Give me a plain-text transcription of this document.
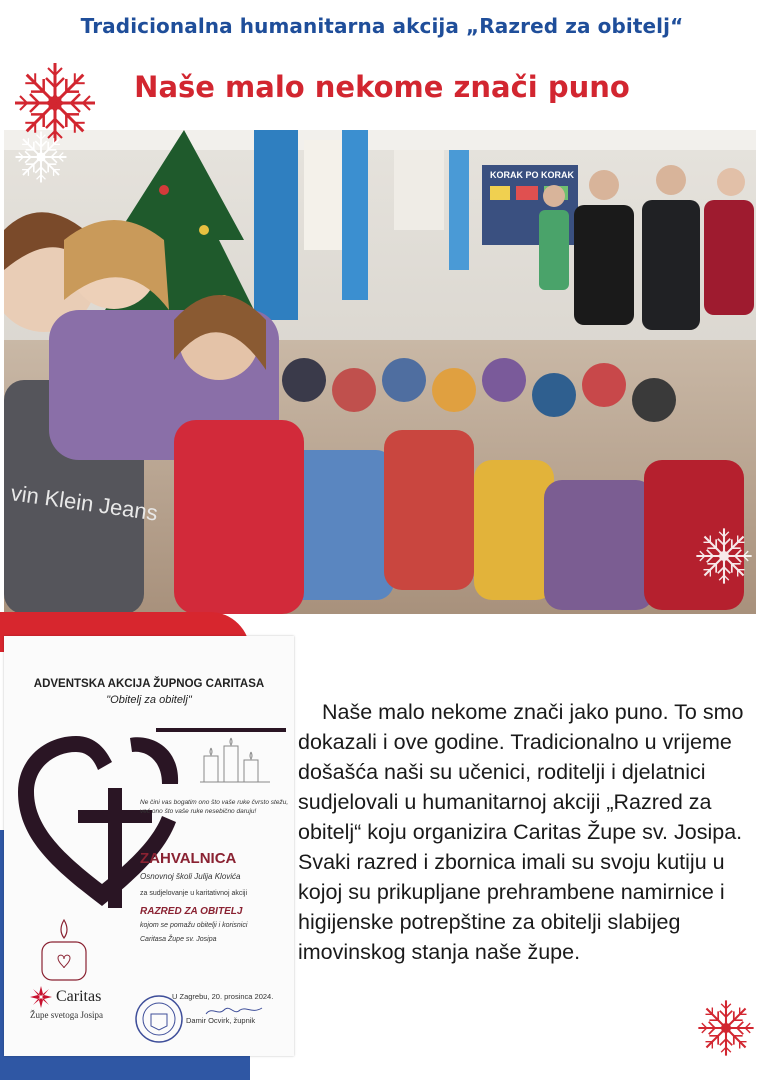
Tradicionalna humanitarna akcija „Razred za obitelj“
Naše malo nekome znači puno
KORAK PO KORAK
vin Klein Jeans
ADVENTSKA AKCIJA ŽUPNOG CARITASA
"Obitelj za obitelj"
Ne čini vas bogatim ono što vaše ruke čvrsto stežu,
već ono što vaše ruke nesebično daruju!
ZAHVALNICA
Osnovnoj školi Julija Klovića
za sudjelovanje u karitativnoj akciji
RAZRED ZA OBITELJ
kojom se pomažu obitelji i korisnici
Caritasa Župe sv. Josipa
Caritas
Župe svetoga Josipa
U Zagrebu, 20. prosinca 2024.
Damir Ocvirk, župnik
Naše malo nekome znači jako puno. To smo dokazali i ove godine. Tradicionalno u vrijeme došašća naši su učenici, roditelji i djelatnici sudjelovali u humanitarnoj akciji „Razred za obitelj“ koju organizira Caritas Župe sv. Josipa. Svaki razred i zbornica imali su svoju kutiju u kojoj su prikupljane prehrambene namirnice i higijenske potrepštine za obitelji slabijeg imovinskog stanja naše župe.
